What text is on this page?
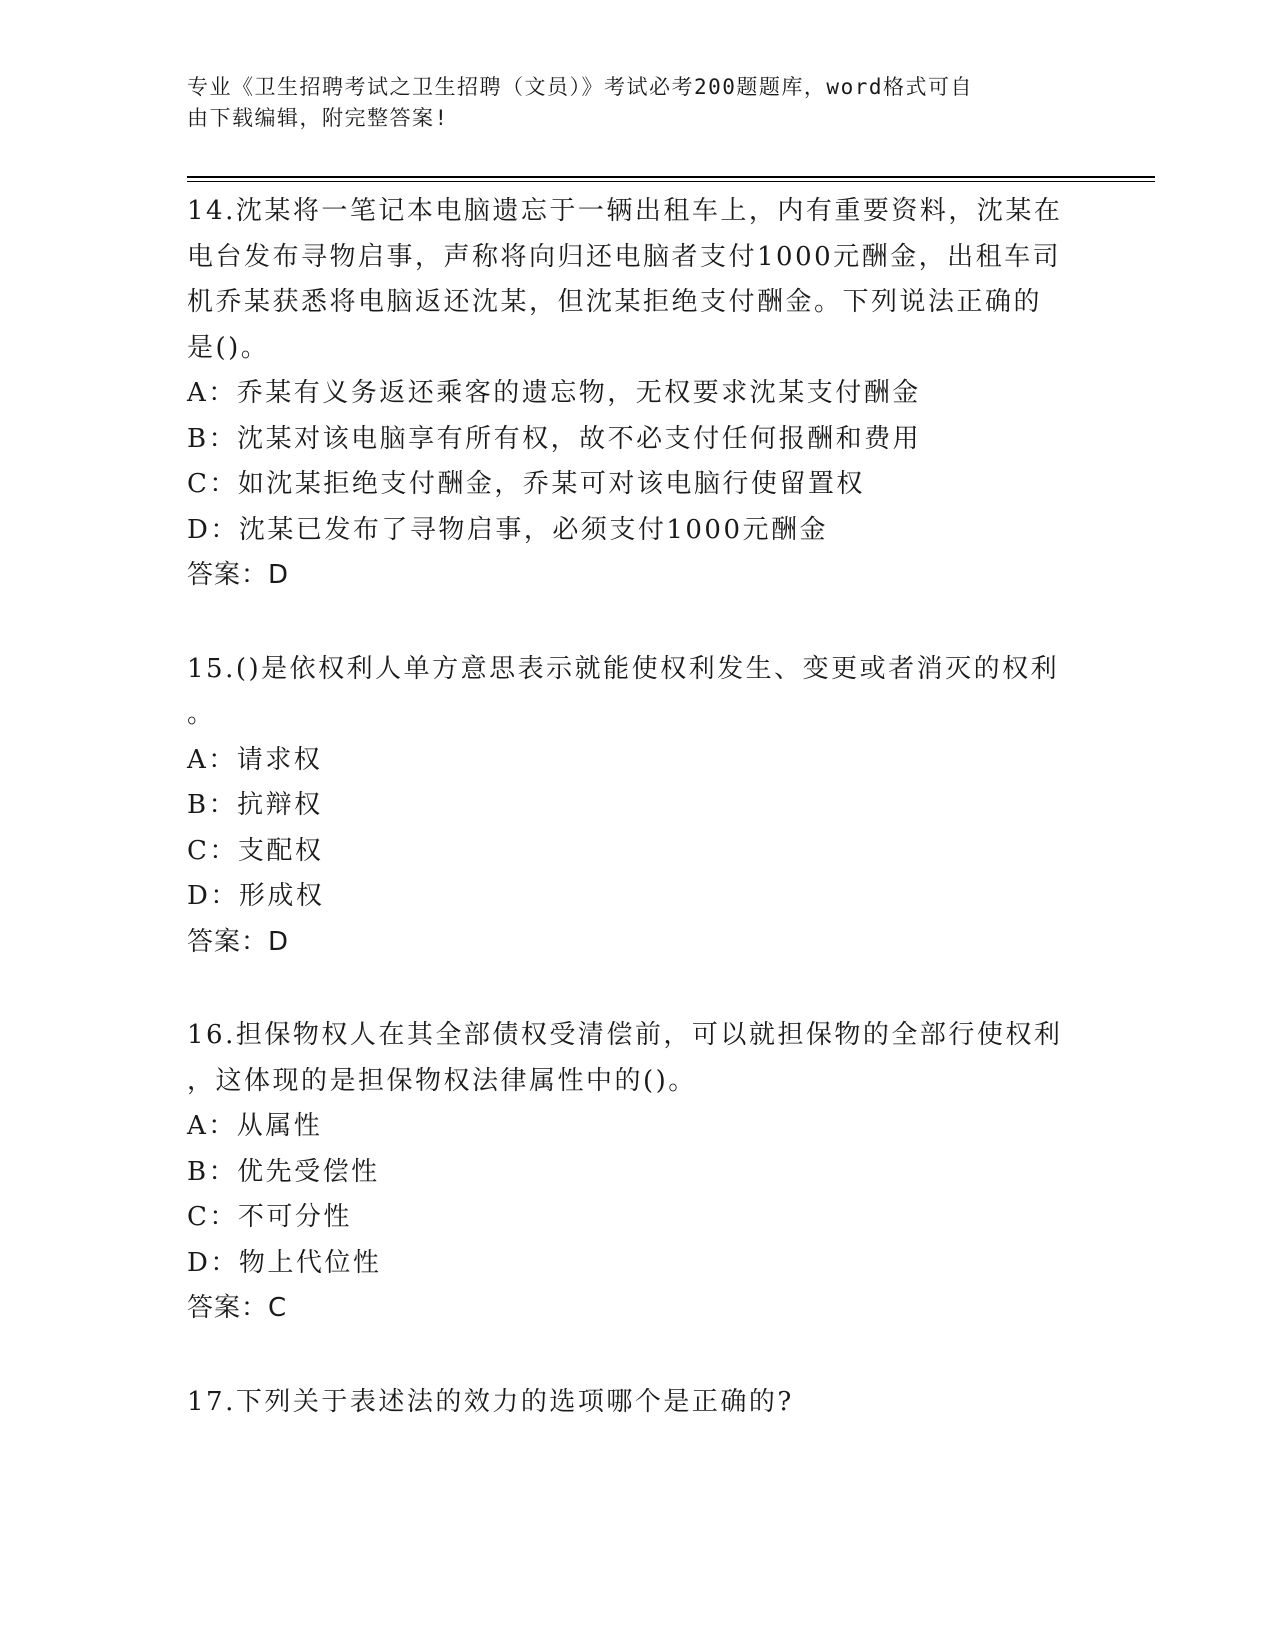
专业《卫生招聘考试之卫生招聘（文员）》考试必考200题题库，word格式可自
由下载编辑，附完整答案!
14.沈某将一笔记本电脑遗忘于一辆出租车上，内有重要资料，沈某在
电台发布寻物启事，声称将向归还电脑者支付1000元酬金，出租车司
机乔某获悉将电脑返还沈某，但沈某拒绝支付酬金。下列说法正确的
是()。
A：乔某有义务返还乘客的遗忘物，无权要求沈某支付酬金
B：沈某对该电脑享有所有权，故不必支付任何报酬和费用
C：如沈某拒绝支付酬金，乔某可对该电脑行使留置权
D：沈某已发布了寻物启事，必须支付1000元酬金
答案：D
15.()是依权利人单方意思表示就能使权利发生、变更或者消灭的权利
。
A：请求权
B：抗辩权
C：支配权
D：形成权
答案：D
16.担保物权人在其全部债权受清偿前，可以就担保物的全部行使权利
，这体现的是担保物权法律属性中的()。
A：从属性
B：优先受偿性
C：不可分性
D：物上代位性
答案：C
17.下列关于表述法的效力的选项哪个是正确的?
